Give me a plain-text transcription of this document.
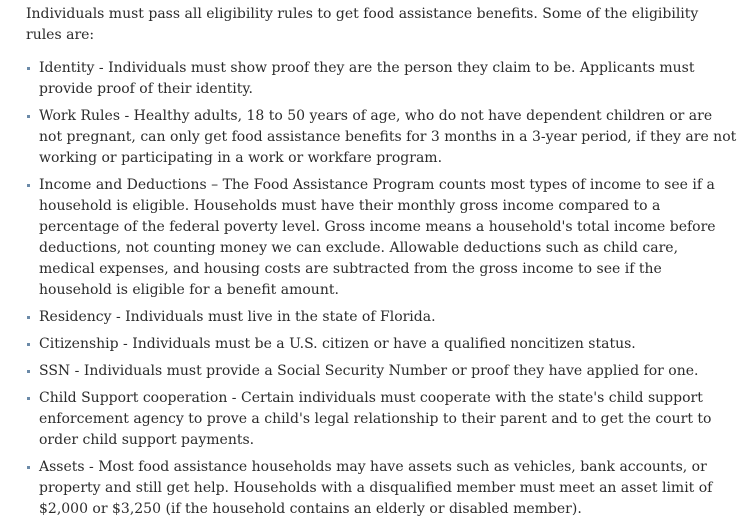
Individuals must pass all eligibility rules to get food assistance benefits. Some of the eligibility rules are:

Identity - Individuals must show proof they are the person they claim to be. Applicants must provide proof of their identity.
Work Rules - Healthy adults, 18 to 50 years of age, who do not have dependent children or are not pregnant, can only get food assistance benefits for 3 months in a 3-year period, if they are not working or participating in a work or workfare program.
Income and Deductions – The Food Assistance Program counts most types of income to see if a household is eligible. Households must have their monthly gross income compared to a percentage of the federal poverty level. Gross income means a household's total income before deductions, not counting money we can exclude. Allowable deductions such as child care, medical expenses, and housing costs are subtracted from the gross income to see if the household is eligible for a benefit amount.
Residency - Individuals must live in the state of Florida.
Citizenship - Individuals must be a U.S. citizen or have a qualified noncitizen status.
SSN - Individuals must provide a Social Security Number or proof they have applied for one.
Child Support cooperation - Certain individuals must cooperate with the state's child support enforcement agency to prove a child's legal relationship to their parent and to get the court to order child support payments.
Assets - Most food assistance households may have assets such as vehicles, bank accounts, or property and still get help. Households with a disqualified member must meet an asset limit of $2,000 or $3,250 (if the household contains an elderly or disabled member).
